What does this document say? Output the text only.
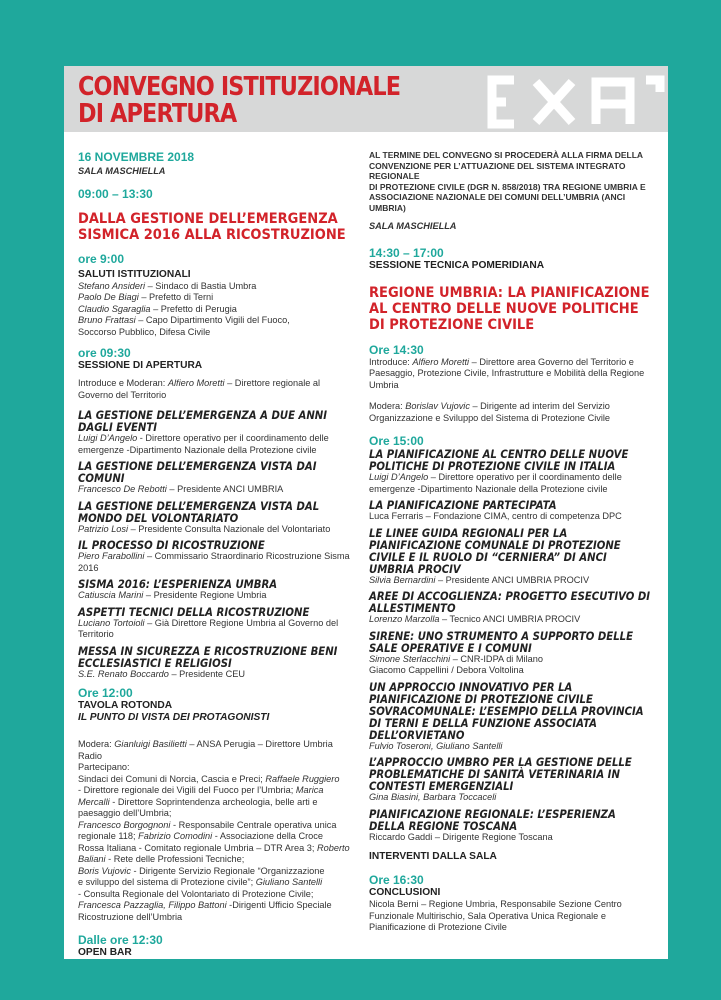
CONVEGNO ISTITUZIONALE
DI APERTURA
16 NOVEMBRE 2018
SALA MASCHIELLA
09:00 – 13:30
DALLA GESTIONE DELL’EMERGENZA
SISMICA 2016 ALLA RICOSTRUZIONE
ore 9:00
SALUTI ISTITUZIONALI
Stefano Ansideri – Sindaco di Bastia Umbra
Paolo De Biagi – Prefetto di Terni
Claudio Sgaraglia – Prefetto di Perugia
Bruno Frattasi – Capo Dipartimento Vigili del Fuoco,
Soccorso Pubblico, Difesa Civile
ore 09:30
SESSIONE DI APERTURA
Introduce e Moderan: Alfiero Moretti – Direttore regionale al
Governo del Territorio
LA GESTIONE DELL’EMERGENZA A DUE ANNI
DAGLI EVENTI
Luigi D’Angelo - Direttore operativo per il coordinamento delle
emergenze -Dipartimento Nazionale della Protezione civile
LA GESTIONE DELL’EMERGENZA VISTA DAI
COMUNI
Francesco De Rebotti – Presidente ANCI UMBRIA
LA GESTIONE DELL’EMERGENZA VISTA DAL
MONDO DEL VOLONTARIATO
Patrizio Losi – Presidente Consulta Nazionale del Volontariato
IL PROCESSO DI RICOSTRUZIONE
Piero Farabollini – Commissario Straordinario Ricostruzione Sisma
2016
SISMA 2016: L’ESPERIENZA UMBRA
Catiuscia Marini – Presidente Regione Umbria
ASPETTI TECNICI DELLA RICOSTRUZIONE
Luciano Tortoioli – Già Direttore Regione Umbria al Governo del
Territorio
MESSA IN SICUREZZA E RICOSTRUZIONE BENI
ECCLESIASTICI E RELIGIOSI
S.E. Renato Boccardo – Presidente CEU
Ore 12:00
TAVOLA ROTONDA
IL PUNTO DI VISTA DEI PROTAGONISTI
Modera: Gianluigi Basilietti – ANSA Perugia – Direttore Umbria
Radio
Partecipano:
Sindaci dei Comuni di Norcia, Cascia e Preci; Raffaele Ruggiero
- Direttore regionale dei Vigili del Fuoco per l’Umbria; Marica
Mercalli - Direttore Soprintendenza archeologia, belle arti e
paesaggio dell’Umbria;
Francesco Borgognoni - Responsabile Centrale operativa unica
regionale 118; Fabrizio Comodini - Associazione della Croce
Rossa Italiana - Comitato regionale Umbria – DTR Area 3; Roberto
Baliani - Rete delle Professioni Tecniche;
Boris Vujovic - Dirigente Servizio Regionale “Organizzazione
e sviluppo del sistema di Protezione civile”; Giuliano Santelli
- Consulta Regionale del Volontariato di Protezione Civile;
Francesca Pazzaglia, Filippo Battoni -Dirigenti Ufficio Speciale
Ricostruzione dell’Umbria
Dalle ore 12:30
OPEN BAR
AL TERMINE DEL CONVEGNO SI PROCEDERÀ ALLA FIRMA DELLA
CONVENZIONE PER L’ATTUAZIONE DEL SISTEMA INTEGRATO REGIONALE
DI PROTEZIONE CIVILE (DGR N. 858/2018) TRA REGIONE UMBRIA E
ASSOCIAZIONE NAZIONALE DEI COMUNI DELL’UMBRIA (ANCI UMBRIA)
SALA MASCHIELLA
14:30 – 17:00
SESSIONE TECNICA POMERIDIANA
REGIONE UMBRIA: LA PIANIFICAZIONE
AL CENTRO DELLE NUOVE POLITICHE
DI PROTEZIONE CIVILE
Ore 14:30
Introduce: Alfiero Moretti – Direttore area Governo del Territorio e
Paesaggio, Protezione Civile, Infrastrutture e Mobilità della Regione
Umbria
Modera: Borislav Vujovic – Dirigente ad interim del Servizio
Organizzazione e Sviluppo del Sistema di Protezione Civile
Ore 15:00
LA PIANIFICAZIONE AL CENTRO DELLE NUOVE
POLITICHE DI PROTEZIONE CIVILE IN ITALIA
Luigi D’Angelo – Direttore operativo per il coordinamento delle
emergenze -Dipartimento Nazionale della Protezione civile
LA PIANIFICAZIONE PARTECIPATA
Luca Ferraris – Fondazione CIMA, centro di competenza DPC
LE LINEE GUIDA REGIONALI PER LA
PIANIFICAZIONE COMUNALE DI PROTEZIONE
CIVILE E IL RUOLO DI “CERNIERA” DI ANCI
UMBRIA PROCIV
Silvia Bernardini – Presidente ANCI UMBRIA PROCIV
AREE DI ACCOGLIENZA: PROGETTO ESECUTIVO DI
ALLESTIMENTO
Lorenzo Marzolla – Tecnico ANCI UMBRIA PROCIV
SIRENE: UNO STRUMENTO A SUPPORTO DELLE
SALE OPERATIVE E I COMUNI
Simone Sterlacchini – CNR-IDPA di Milano
Giacomo Cappellini / Debora Voltolina
UN APPROCCIO INNOVATIVO PER LA
PIANIFICAZIONE DI PROTEZIONE CIVILE
SOVRACOMUNALE: L’ESEMPIO DELLA PROVINCIA
DI TERNI E DELLA FUNZIONE ASSOCIATA
DELL’ORVIETANO
Fulvio Toseroni, Giuliano Santelli
L’APPROCCIO UMBRO PER LA GESTIONE DELLE
PROBLEMATICHE DI SANITÀ VETERINARIA IN
CONTESTI EMERGENZIALI
Gina Biasini, Barbara Toccaceli
PIANIFICAZIONE REGIONALE: L’ESPERIENZA
DELLA REGIONE TOSCANA
Riccardo Gaddi – Dirigente Regione Toscana
INTERVENTI DALLA SALA
Ore 16:30
CONCLUSIONI
Nicola Berni – Regione Umbria, Responsabile Sezione Centro
Funzionale Multirischio, Sala Operativa Unica Regionale e
Pianificazione di Protezione Civile
